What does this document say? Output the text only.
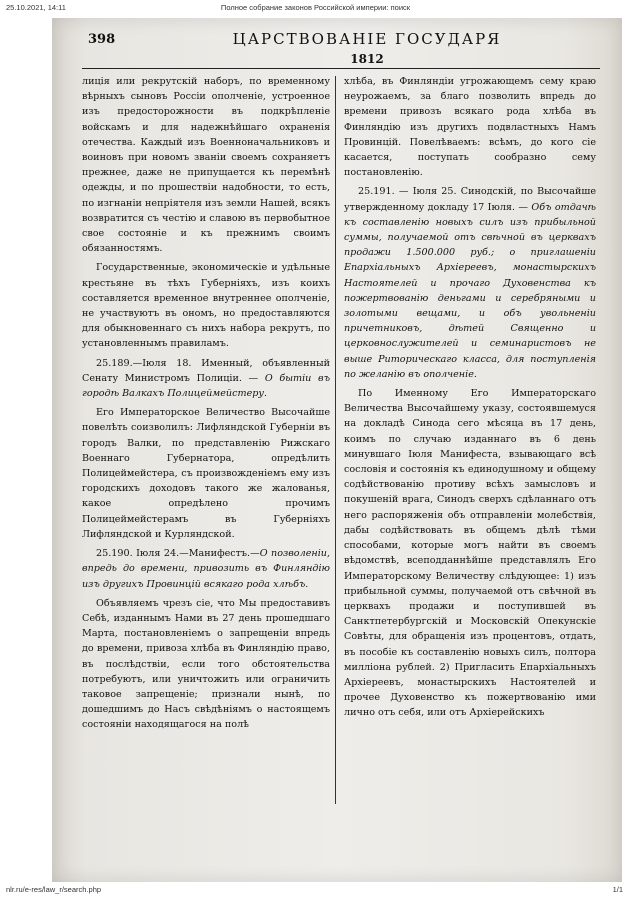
25.10.2021, 14:11	Полное собрание законов Российской империи: поиск
398	ЦАРСТВОВАНІЕ ГОСУДАРЯ
1812

лиція или рекрутскій наборъ, по временному вѣрныхъ сыновъ Россіи ополченіе, устроенное изъ предосторожности въ подкрѣпленіе войскамъ и для надежнѣйшаго охраненія отечества. Каждый изъ Военноначальниковъ и воиновъ при новомъ званіи своемъ сохраняетъ прежнее, даже не припущается къ перемѣнѣ одежды, и по прошествіи надобности, то есть, по изгнаніи непріятеля изъ земли Нашей, всякъ возвратится съ честію и славою въ первобытное свое состояніе и къ прежнимъ своимъ обязанностямъ.

Государственные, экономическіе и удѣльные крестьяне въ тѣхъ Губерніяхъ, изъ коихъ составляется временное внутреннее ополченіе, не участвуютъ въ ономъ, но предоставляются для обыкновеннаго съ нихъ набора рекрутъ, по установленнымъ правиламъ.

25.189.—Іюля 18. Именный, объявленный Сенату Министромъ Полиціи. — О бытіи въ городѣ Валкахъ Полицеймейстеру.

Его Императорское Величество Высочайше повелѣть соизволилъ: Лифляндской Губерніи въ городъ Валки, по представленію Рижскаго Военнаго Губернатора, опредѣлить Полицеймейстера, съ произвожденіемъ ему изъ городскихъ доходовъ такого же жалованья, какое опредѣлено прочимъ Полицеймейстерамъ въ Губерніяхъ Лифляндской и Курляндской.

25.190. Іюля 24.—Манифестъ.—О позволеніи, впредь до времени, привозить въ Финляндію изъ другихъ Провинцій всякаго рода хлѣбъ.

Объявляемъ чрезъ сіе, что Мы предоставивъ Себѣ, изданнымъ Нами въ 27 день прошедшаго Марта, постановленіемъ о запрещеніи впредь до времени, привоза хлѣба въ Финляндію право, въ послѣдствіи, если того обстоятельства потребуютъ, или уничтожить или ограничить таковое запрещеніе; признали нынѣ, по дошедшимъ до Насъ свѣдѣніямъ о настоящемъ состояніи находящагося на полѣ

хлѣба, въ Финляндіи угрожающемъ сему краю неурожаемъ, за благо позволить впредь до времени привозъ всякаго рода хлѣба въ Финляндію изъ другихъ подвластныхъ Намъ Провинцій. Повелѣваемъ: всѣмъ, до кого сіе касается, поступать сообразно сему постановленію.

25.191. — Іюля 25. Синодскій, по Высочайше утвержденному докладу 17 Іюля. — Объ отдачѣ къ составленію новыхъ силъ изъ прибыльной суммы, получаемой отъ свѣчной въ церквахъ продажи 1.500.000 руб.; о приглашеніи Епархіальныхъ Архіереевъ, монастырскихъ Настоятелей и прочаго Духовенства къ пожертвованію деньгами и серебряными и золотыми вещами, и объ увольненіи причетниковъ, дѣтей Священно и церковнослужителей и семинаристовъ не выше Риторическаго класса, для поступленія по желанію въ ополченіе.

По Именному Его Императорскаго Величества Высочайшему указу, состоявшемуся на докладѣ Синода сего мѣсяца въ 17 день, коимъ по случаю изданнаго въ 6 день минувшаго Іюля Манифеста, взывающаго всѣ сословія и состоянія къ единодушному и общему содѣйствованію противу всѣхъ замысловъ и покушеній врага, Синодъ сверхъ сдѣланнаго отъ него распоряженія объ отправленіи молебствія, дабы содѣйствовать въ общемъ дѣлѣ тѣми способами, которые могъ найти въ своемъ вѣдомствѣ, всеподданнѣйше представлялъ Его Императорскому Величеству слѣдующее: 1) изъ прибыльной суммы, получаемой отъ свѣчной въ церквахъ продажи и поступившей въ Санктпетербургскій и Московскій Опекунскіе Совѣты, для обращенія изъ процентовъ, отдать, въ пособіе къ составленію новыхъ силъ, полтора милліона рублей. 2) Пригласить Епархіальныхъ Архіереевъ, монастырскихъ Настоятелей и прочее Духовенство къ пожертвованію ими лично отъ себя, или отъ Архіерейскихъ

nlr.ru/e-res/law_r/search.php	1/1
